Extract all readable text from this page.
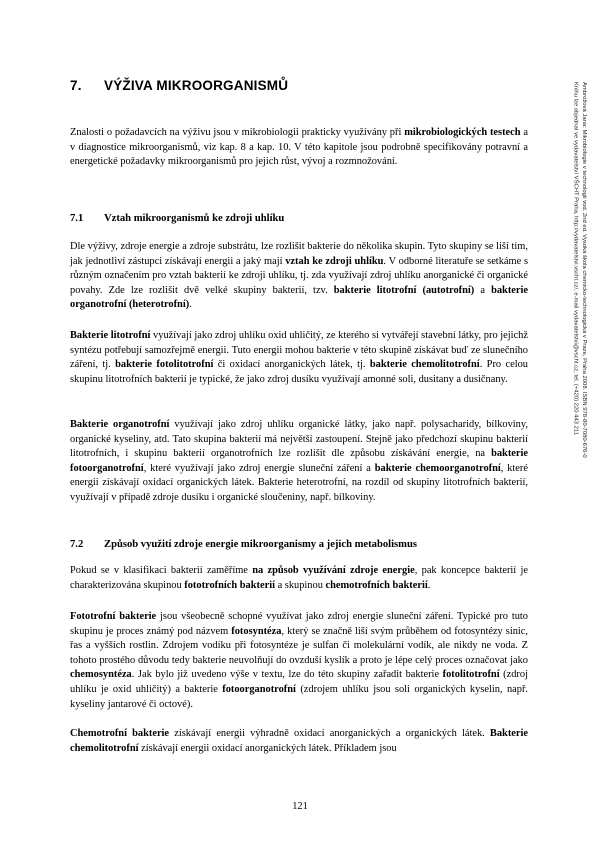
7. VÝŽIVA MIKROORGANISMŮ

Znalosti o požadavcích na výživu jsou v mikrobiologii prakticky využívány při mikrobiologických testech a v diagnostice mikroorganismů, viz kap. 8 a kap. 10. V této kapitole jsou podrobně specifikovány potravní a energetické požadavky mikroorganismů pro jejich růst, vývoj a rozmnožování.

7.1 Vztah mikroorganismů ke zdroji uhlíku

Dle výživy, zdroje energie a zdroje substrátu, lze rozlišit bakterie do několika skupin. Tyto skupiny se liší tím, jak jednotliví zástupci získávají energii a jaký mají vztah ke zdroji uhlíku. V odborné literatuře se setkáme s různým označením pro vztah bakterií ke zdroji uhlíku, tj. zda využívají zdroj uhlíku anorganické či organické povahy. Zde lze rozlišit dvě velké skupiny bakterií, tzv. bakterie litotrofní (autotrofní) a bakterie organotrofní (heterotrofní).

Bakterie litotrofní využívají jako zdroj uhlíku oxid uhličitý, ze kterého si vytvářejí stavební látky, pro jejichž syntézu potřebují samozřejmě energii. Tuto energii mohou bakterie v této skupině získávat buď ze slunečního záření, tj. bakterie fotolitotrofní či oxidací anorganických látek, tj. bakterie chemolitotrofní. Pro celou skupinu litotrofních bakterií je typické, že jako zdroj dusíku využívají amonné soli, dusitany a dusičnany.

Bakterie organotrofní využívají jako zdroj uhlíku organické látky, jako např. polysacharidy, bílkoviny, organické kyseliny, atd. Tato skupina bakterií má největší zastoupení. Stejně jako předchozí skupinu bakterií litotrofních, i skupinu bakterií organotrofních lze rozlišit dle způsobu získávání energie, na bakterie fotoorganotrofní, které využívají jako zdroj energie sluneční záření a bakterie chemoorganotrofní, které energii získávají oxidací organických látek. Bakterie heterotrofní, na rozdíl od skupiny litotrofních bakterií, využívají v případě zdroje dusíku i organické sloučeniny, např. bílkoviny.

7.2 Způsob využití zdroje energie mikroorganismy a jejich metabolismus

Pokud se v klasifikaci bakterií zaměříme na způsob využívání zdroje energie, pak koncepce bakterií je charakterizována skupinou fototrofních bakterií a skupinou chemotrofních bakterií.

Fototrofní bakterie jsou všeobecně schopné využívat jako zdroj energie sluneční záření. Typické pro tuto skupinu je proces známý pod názvem fotosyntéza, který se značně liší svým průběhem od fotosyntézy sinic, řas a vyšších rostlin. Zdrojem vodíku při fotosyntéze je sulfan či molekulární vodík, ale nikdy ne voda. Z tohoto prostého důvodu tedy bakterie neuvolňují do ovzduší kyslík a proto je lépe celý proces označovat jako chemosyntéza. Jak bylo již uvedeno výše v textu, lze do této skupiny zařadit bakterie fotolitotrofní (zdroj uhlíku je oxid uhličitý) a bakterie fotoorganotrofní (zdrojem uhlíku jsou soli organických kyselin, např. kyseliny jantarové či octové).

Chemotrofní bakterie získávají energii výhradně oxidací anorganických a organických látek. Bakterie chemolitotrofní získávají energii oxidací anorganických látek. Příkladem jsou

Ambrožová Jana: Mikrobiologie v technologii vod. 2nd ed. Vysoká škola chemicko-technologická v Praze, Praha 2008. ISBN 978-80-7080-676-0
Knihu lze objednat ve vydavatelství VŠCHT Praha, http://vydavatelstvi.vscht.cz/, e-mail vydavatelstvi@vscht.cz, tel. (+420) 220 443 211

121
